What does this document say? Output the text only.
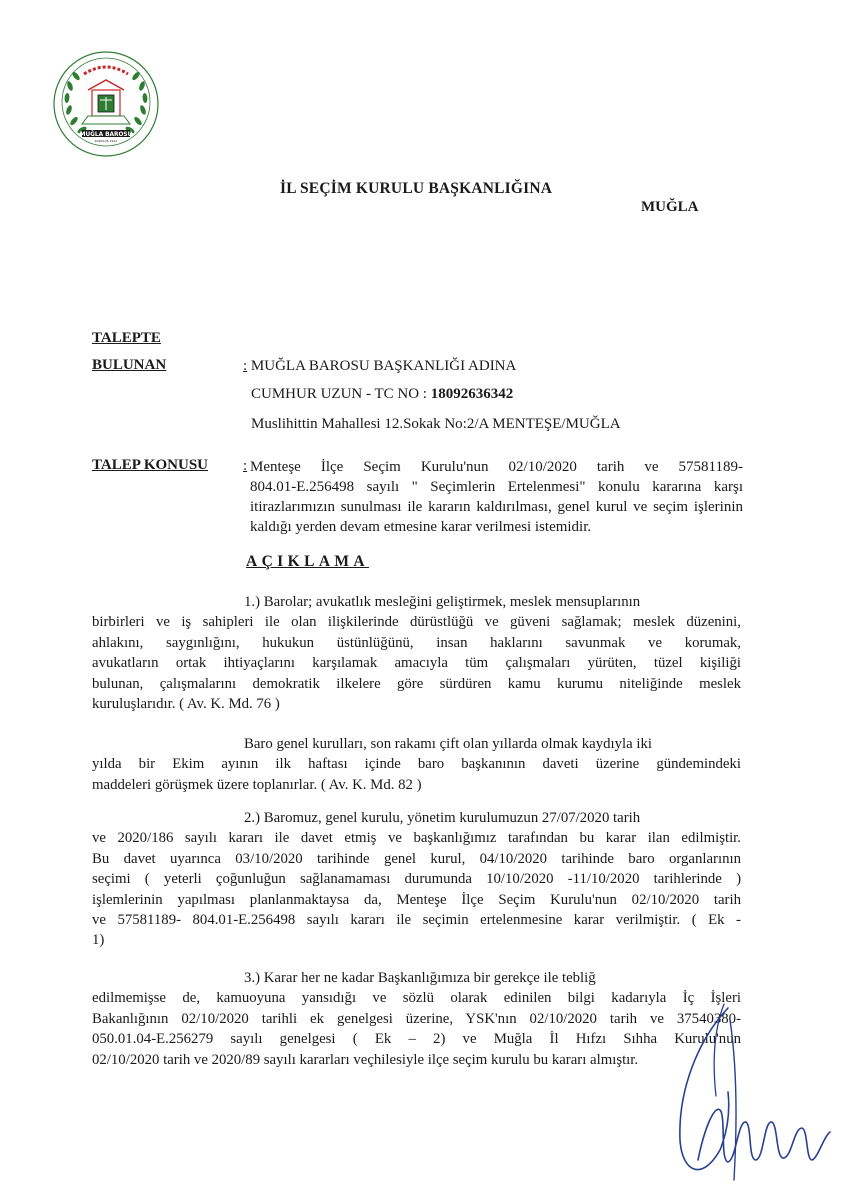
MUĞLA BAROSU
KURULUŞ 1921
İL SEÇİM KURULU BAŞKANLIĞINA
MUĞLA
TALEPTE
BULUNAN	: MUĞLA BAROSU BAŞKANLIĞI ADINA
CUMHUR UZUN - TC NO : 18092636342
Muslihittin Mahallesi 12.Sokak No:2/A MENTEŞE/MUĞLA
TALEP KONUSU : Menteşe İlçe Seçim Kurulu'nun 02/10/2020 tarih ve 57581189-
804.01-E.256498 sayılı " Seçimlerin Ertelenmesi" konulu kararına karşı itirazlarımızın sunulması ile kararın kaldırılması, genel kurul ve seçim işlerinin kaldığı yerden devam etmesine karar verilmesi istemidir.
AÇIKLAMA
1.) Barolar; avukatlık mesleğini geliştirmek, meslek mensuplarının
birbirleri ve iş sahipleri ile olan ilişkilerinde dürüstlüğü ve güveni sağlamak; meslek düzenini,
ahlakını, saygınlığını, hukukun üstünlüğünü, insan haklarını savunmak ve korumak,
avukatların ortak ihtiyaçlarını karşılamak amacıyla tüm çalışmaları yürüten, tüzel kişiliği
bulunan, çalışmalarını demokratik ilkelere göre sürdüren kamu kurumu niteliğinde meslek
kuruluşlarıdır. ( Av. K. Md. 76 )
Baro genel kurulları, son rakamı çift olan yıllarda olmak kaydıyla iki
yılda bir Ekim ayının ilk haftası içinde baro başkanının daveti üzerine gündemindeki
maddeleri görüşmek üzere toplanırlar. ( Av. K. Md. 82 )
2.) Baromuz, genel kurulu, yönetim kurulumuzun 27/07/2020 tarih
ve 2020/186 sayılı kararı ile davet etmiş ve başkanlığımız tarafından bu karar ilan edilmiştir.
Bu davet uyarınca 03/10/2020 tarihinde genel kurul, 04/10/2020 tarihinde baro organlarının
seçimi ( yeterli çoğunluğun sağlanamaması durumunda 10/10/2020 -11/10/2020 tarihlerinde )
işlemlerinin yapılması planlanmaktaysa da, Menteşe İlçe Seçim Kurulu'nun 02/10/2020 tarih
ve 57581189- 804.01-E.256498 sayılı kararı ile seçimin ertelenmesine karar verilmiştir. ( Ek -
1)
3.) Karar her ne kadar Başkanlığımıza bir gerekçe ile tebliğ
edilmemişse de, kamuoyuna yansıdığı ve sözlü olarak edinilen bilgi kadarıyla İç İşleri
Bakanlığının 02/10/2020 tarihli ek genelgesi üzerine, YSK'nın 02/10/2020 tarih ve 37540380-
050.01.04-E.256279 sayılı genelgesi ( Ek – 2) ve Muğla İl Hıfzı Sıhha Kurulu'nun
02/10/2020 tarih ve 2020/89 sayılı kararları veçhilesiyle ilçe seçim kurulu bu kararı almıştır.
